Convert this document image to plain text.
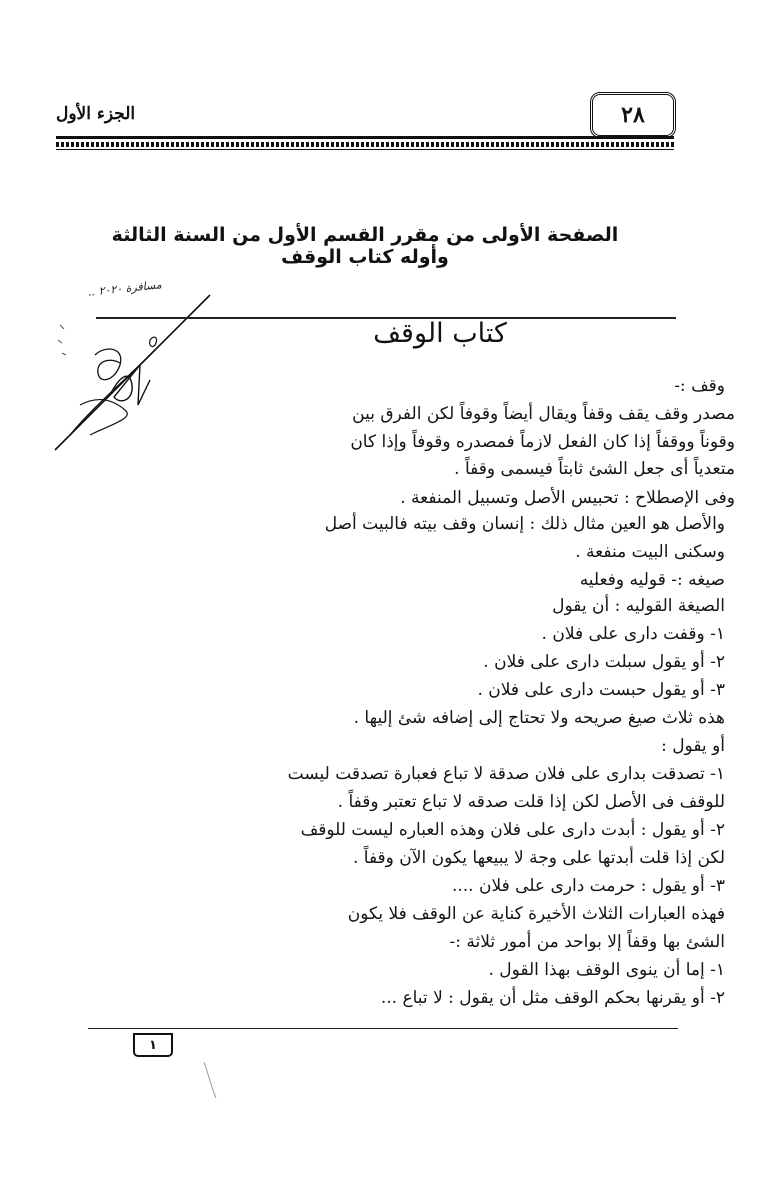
الجزء الأول	٢٨
الصفحة الأولى من مقرر القسم الأول من السنة الثالثة وأوله كتاب الوقف
مسافرة ٢٠٢٠ ..
كتاب الوقف
وقف :-
مصدر وقف يقف وقفاً ويقال أيضاً وقوفاً لكن الفرق بين
وقوناً ووقفاً إذا كان الفعل لازماً فمصدره وقوفاً وإذا كان
متعدياً أى جعل الشئ ثابتاً فيسمى وقفاً .
وفى الإصطلاح : تحبيس الأصل وتسبيل المنفعة .
والأصل هو العين مثال ذلك : إنسان وقف بيته فالبيت أصل
وسكنى البيت منفعة .
صيغه :- قوليه وفعليه
الصيغة القوليه : أن يقول
١- وقفت دارى على فلان .
٢- أو يقول سبلت دارى على فلان .
٣- أو يقول حبست دارى على فلان .
هذه ثلاث صيغ صريحه ولا تحتاج إلى إضافه شئ إليها .
أو يقول :
١- تصدقت بدارى على فلان صدقة لا تباع فعبارة تصدقت ليست
للوقف فى الأصل لكن إذا قلت صدقه لا تباع تعتبر وقفاً .
٢- أو يقول : أبدت دارى على فلان وهذه العباره ليست للوقف
لكن إذا قلت أبدتها على وجة لا يبيعها يكون الآن وقفاً .
٣- أو يقول : حرمت دارى على فلان ....
فهذه العبارات الثلاث الأخيرة كناية عن الوقف فلا يكون
الشئ بها وقفاً إلا بواحد من أمور ثلاثة :-
١- إما أن ينوى الوقف بهذا القول .
٢- أو يقرنها بحكم الوقف مثل أن يقول : لا تباع ...
١
